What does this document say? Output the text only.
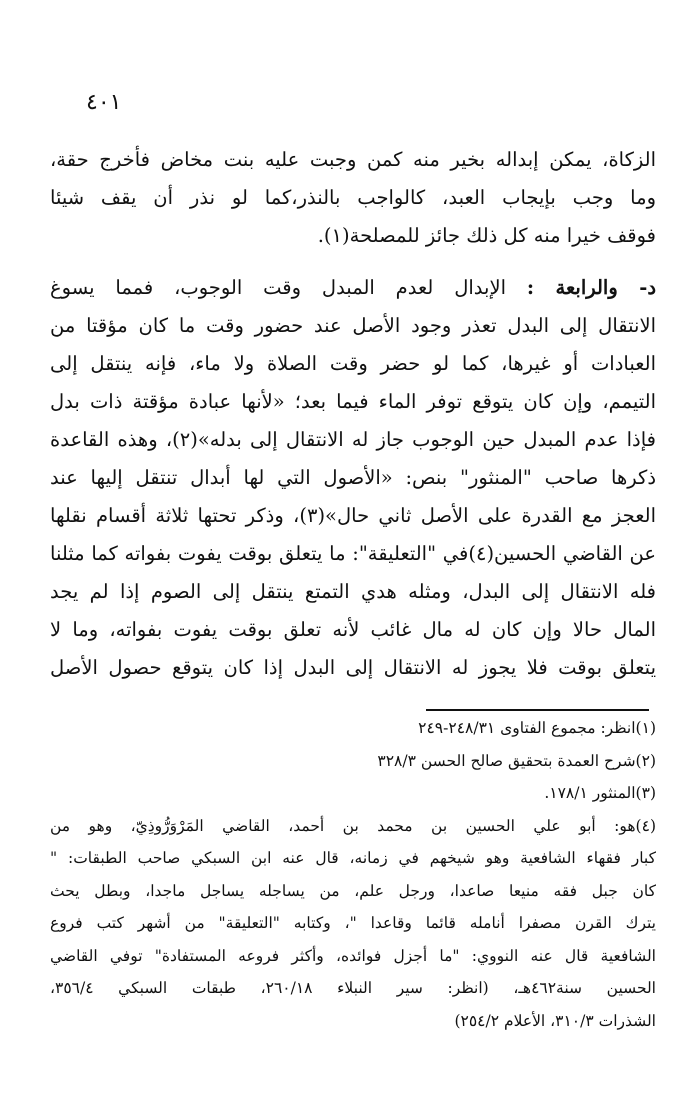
٤٠١
الزكاة، يمكن إبداله بخير منه كمن وجبت عليه بنت مخاض فأخرج حقة،
وما وجب بإيجاب العبد، كالواجب بالنذر،كما لو نذر أن يقف شيئا
فوقف خيرا منه كل ذلك جائز للمصلحة(١).
د- والرابعة : الإبدال لعدم المبدل وقت الوجوب، فمما يسوغ
الانتقال إلى البدل تعذر وجود الأصل عند حضور وقت ما كان مؤقتا من
العبادات أو غيرها، كما لو حضر وقت الصلاة ولا ماء، فإنه ينتقل إلى
التيمم، وإن كان يتوقع توفر الماء فيما بعد؛ «لأنها عبادة مؤقتة ذات بدل
فإذا عدم المبدل حين الوجوب جاز له الانتقال إلى بدله»(٢)، وهذه القاعدة
ذكرها صاحب "المنثور" بنص: «الأصول التي لها أبدال تنتقل إليها عند
العجز مع القدرة على الأصل ثاني حال»(٣)، وذكر تحتها ثلاثة أقسام نقلها
عن القاضي الحسين(٤)في "التعليقة": ما يتعلق بوقت يفوت بفواته كما مثلنا
فله الانتقال إلى البدل، ومثله هدي التمتع ينتقل إلى الصوم إذا لم يجد
المال حالا وإن كان له مال غائب لأنه تعلق بوقت يفوت بفواته، وما لا
يتعلق بوقت فلا يجوز له الانتقال إلى البدل إذا كان يتوقع حصول الأصل
(١)انظر: مجموع الفتاوى ٢٤٨/٣١-٢٤٩
(٢)شرح العمدة بتحقيق صالح الحسن ٣٢٨/٣
(٣)المنثور ١٧٨/١.
(٤)هو: أبو علي الحسين بن محمد بن أحمد، القاضي المَرْوَرُّوذِيّ، وهو من
كبار فقهاء الشافعية وهو شيخهم في زمانه، قال عنه ابن السبكي صاحب الطبقات: "
كان جبل فقه منيعا صاعدا، ورجل علم، من يساجله يساجل ماجدا، وبطل يحث
يترك القرن مصفرا أنامله قائما وقاعدا "، وكتابه "التعليقة" من أشهر كتب فروع
الشافعية قال عنه النووي: "ما أجزل فوائده، وأكثر فروعه المستفادة" توفي القاضي
الحسين سنة٤٦٢هـ، (انظر: سير النبلاء ٢٦٠/١٨، طبقات السبكي ٣٥٦/٤،
الشذرات ٣١٠/٣، الأعلام ٢٥٤/٢)
